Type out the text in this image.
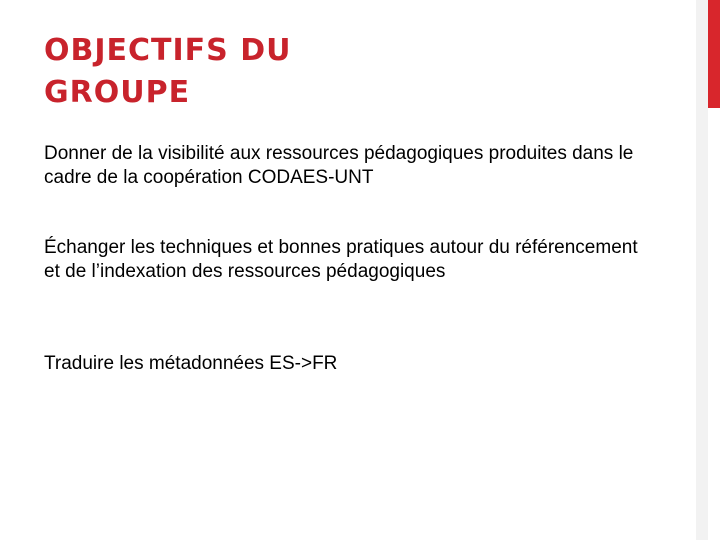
OBJECTIFS DU
GROUPE

Donner de la visibilité aux ressources pédagogiques produites dans le cadre de la coopération CODAES-UNT

Échanger les techniques et bonnes pratiques autour du référencement et de l’indexation des ressources pédagogiques

Traduire les métadonnées ES->FR
